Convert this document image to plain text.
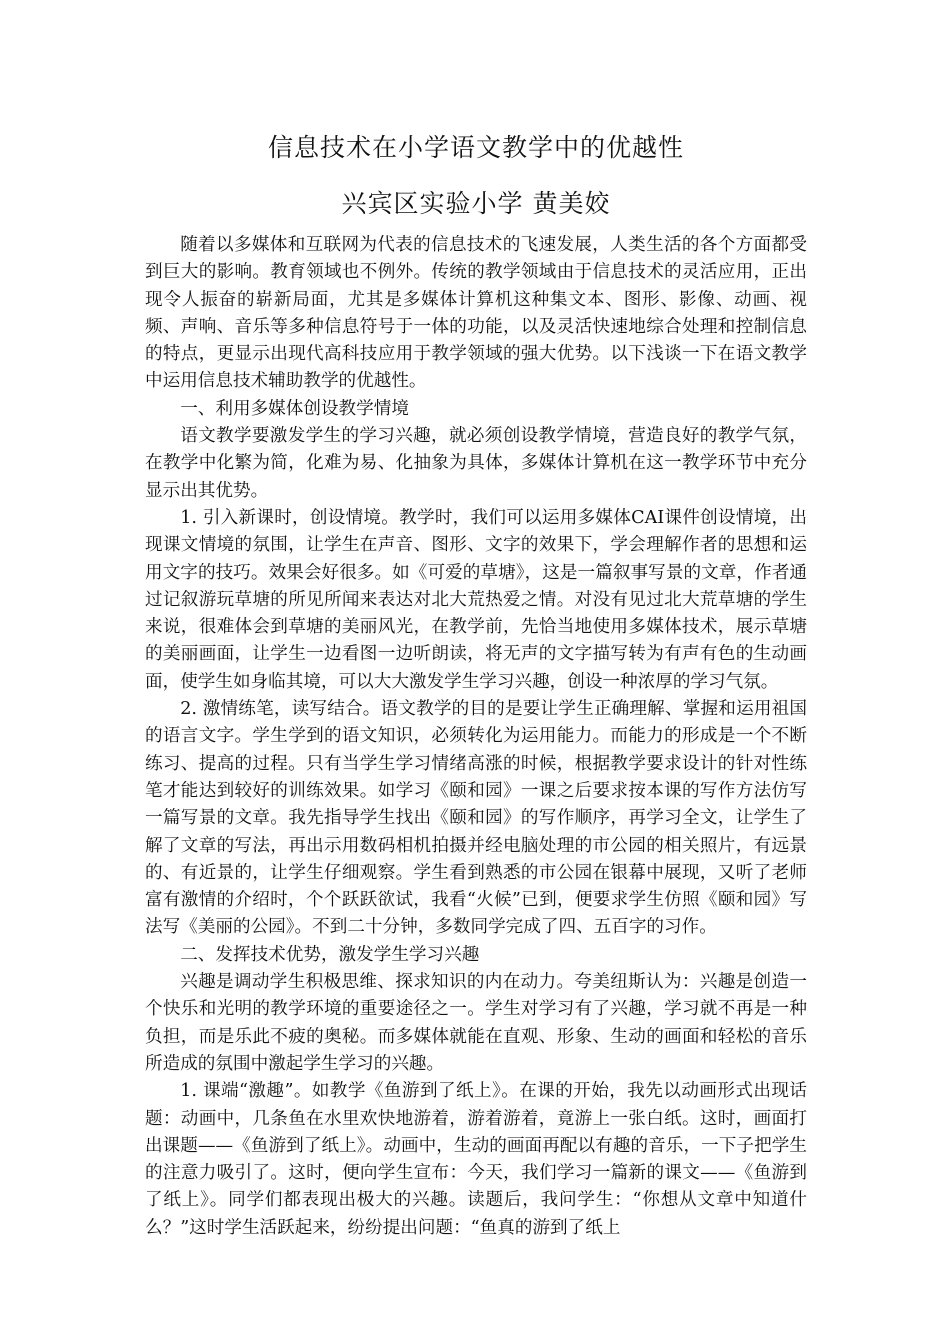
信息技术在小学语文教学中的优越性
兴宾区实验小学 黄美姣

随着以多媒体和互联网为代表的信息技术的飞速发展，人类生活的各个方面都受到巨大的影响。教育领域也不例外。传统的教学领域由于信息技术的灵活应用，正出现令人振奋的崭新局面，尤其是多媒体计算机这种集文本、图形、影像、动画、视频、声响、音乐等多种信息符号于一体的功能，以及灵活快速地综合处理和控制信息的特点，更显示出现代高科技应用于教学领域的强大优势。以下浅谈一下在语文教学中运用信息技术辅助教学的优越性。

一、利用多媒体创设教学情境

语文教学要激发学生的学习兴趣，就必须创设教学情境，营造良好的教学气氛，在教学中化繁为简，化难为易、化抽象为具体，多媒体计算机在这一教学环节中充分显示出其优势。

1. 引入新课时，创设情境。教学时，我们可以运用多媒体CAI课件创设情境，出现课文情境的氛围，让学生在声音、图形、文字的效果下，学会理解作者的思想和运用文字的技巧。效果会好很多。如《可爱的草塘》，这是一篇叙事写景的文章，作者通过记叙游玩草塘的所见所闻来表达对北大荒热爱之情。对没有见过北大荒草塘的学生来说，很难体会到草塘的美丽风光，在教学前，先恰当地使用多媒体技术，展示草塘的美丽画面，让学生一边看图一边听朗读，将无声的文字描写转为有声有色的生动画面，使学生如身临其境，可以大大激发学生学习兴趣，创设一种浓厚的学习气氛。

2. 激情练笔，读写结合。语文教学的目的是要让学生正确理解、掌握和运用祖国的语言文字。学生学到的语文知识，必须转化为运用能力。而能力的形成是一个不断练习、提高的过程。只有当学生学习情绪高涨的时候，根据教学要求设计的针对性练笔才能达到较好的训练效果。如学习《颐和园》一课之后要求按本课的写作方法仿写一篇写景的文章。我先指导学生找出《颐和园》的写作顺序，再学习全文，让学生了解了文章的写法，再出示用数码相机拍摄并经电脑处理的市公园的相关照片，有远景的、有近景的，让学生仔细观察。学生看到熟悉的市公园在银幕中展现，又听了老师富有激情的介绍时，个个跃跃欲试，我看“火候”已到，便要求学生仿照《颐和园》写法写《美丽的公园》。不到二十分钟，多数同学完成了四、五百字的习作。

二、发挥技术优势，激发学生学习兴趣

兴趣是调动学生积极思维、探求知识的内在动力。夸美纽斯认为：兴趣是创造一个快乐和光明的教学环境的重要途径之一。学生对学习有了兴趣，学习就不再是一种负担，而是乐此不疲的奥秘。而多媒体就能在直观、形象、生动的画面和轻松的音乐所造成的氛围中激起学生学习的兴趣。

1. 课端“激趣”。如教学《鱼游到了纸上》。在课的开始，我先以动画形式出现话题：动画中，几条鱼在水里欢快地游着，游着游着，竟游上一张白纸。这时，画面打出课题——《鱼游到了纸上》。动画中，生动的画面再配以有趣的音乐，一下子把学生的注意力吸引了。这时，便向学生宣布：今天，我们学习一篇新的课文——《鱼游到了纸上》。同学们都表现出极大的兴趣。读题后，我问学生：“你想从文章中知道什么？”这时学生活跃起来，纷纷提出问题：“鱼真的游到了纸上
